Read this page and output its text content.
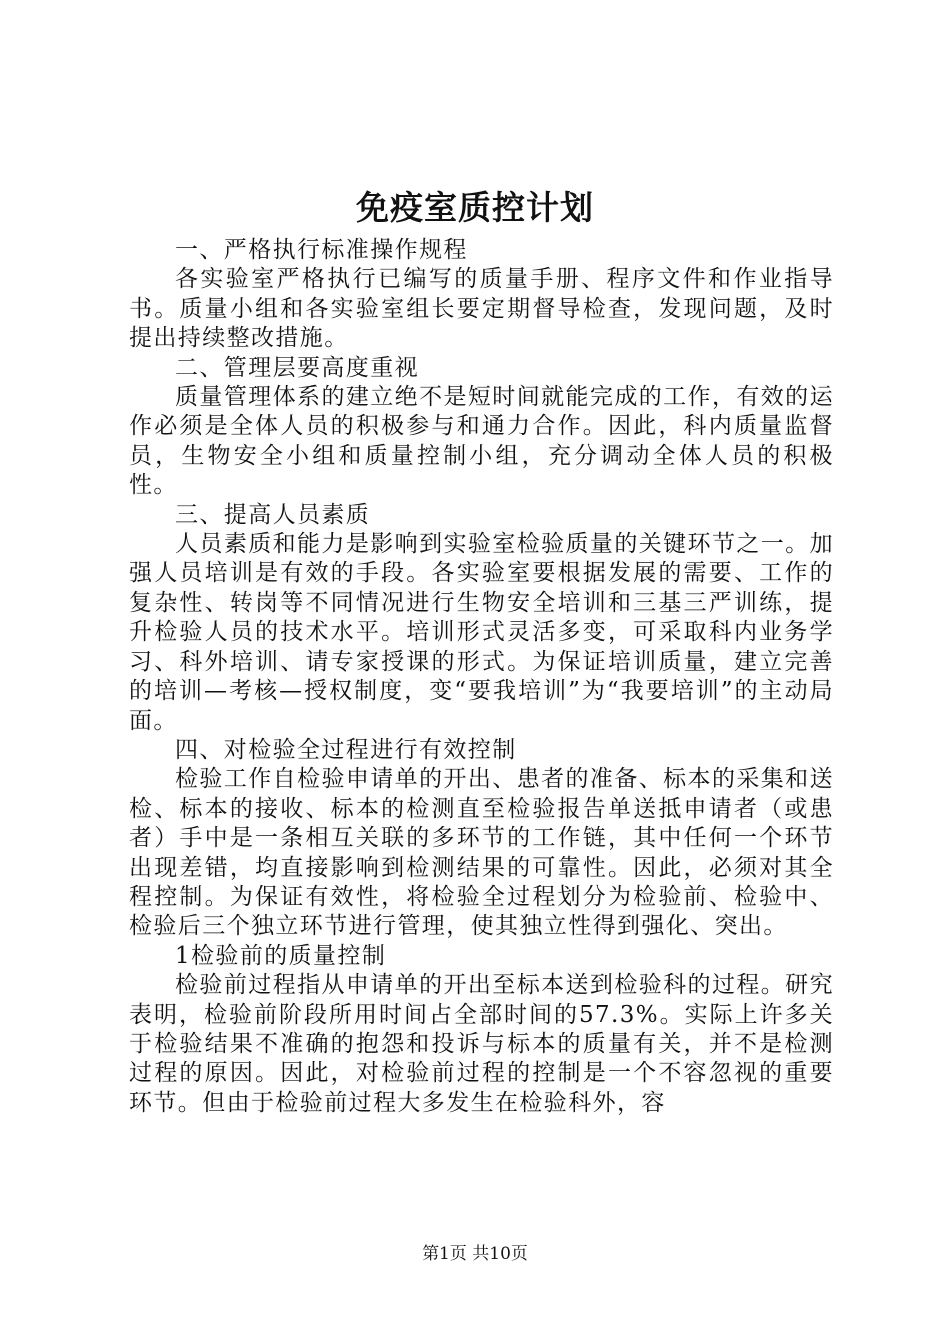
免疫室质控计划

一、严格执行标准操作规程

各实验室严格执行已编写的质量手册、程序文件和作业指导书。质量小组和各实验室组长要定期督导检查，发现问题，及时提出持续整改措施。

二、管理层要高度重视

质量管理体系的建立绝不是短时间就能完成的工作，有效的运作必须是全体人员的积极参与和通力合作。因此，科内质量监督员，生物安全小组和质量控制小组，充分调动全体人员的积极性。

三、提高人员素质

人员素质和能力是影响到实验室检验质量的关键环节之一。加强人员培训是有效的手段。各实验室要根据发展的需要、工作的复杂性、转岗等不同情况进行生物安全培训和三基三严训练，提升检验人员的技术水平。培训形式灵活多变，可采取科内业务学习、科外培训、请专家授课的形式。为保证培训质量，建立完善的培训—考核—授权制度，变“要我培训”为“我要培训”的主动局面。

四、对检验全过程进行有效控制

检验工作自检验申请单的开出、患者的准备、标本的采集和送检、标本的接收、标本的检测直至检验报告单送抵申请者（或患者）手中是一条相互关联的多环节的工作链，其中任何一个环节出现差错，均直接影响到检测结果的可靠性。因此，必须对其全程控制。为保证有效性，将检验全过程划分为检验前、检验中、检验后三个独立环节进行管理，使其独立性得到强化、突出。

1检验前的质量控制

检验前过程指从申请单的开出至标本送到检验科的过程。研究表明，检验前阶段所用时间占全部时间的57.3%。实际上许多关于检验结果不准确的抱怨和投诉与标本的质量有关，并不是检测过程的原因。因此，对检验前过程的控制是一个不容忽视的重要环节。但由于检验前过程大多发生在检验科外，容

第1页 共10页
